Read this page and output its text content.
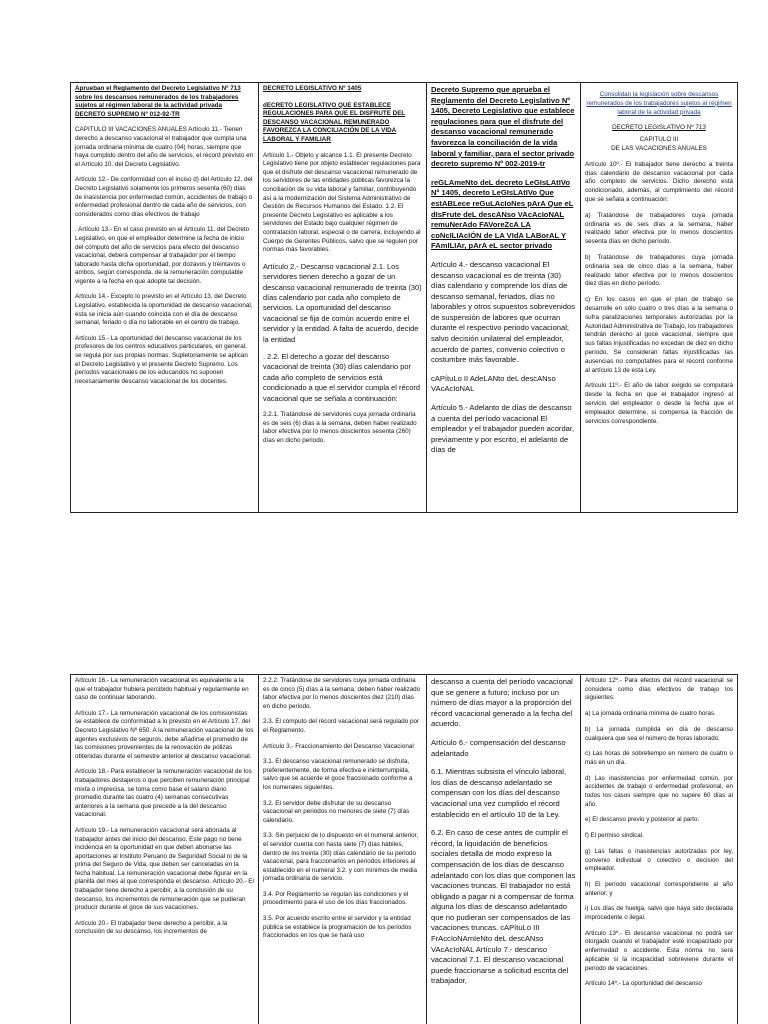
Aprueban el Reglamento del Decreto Legislativo Nº 713 sobre los descansos remunerados de los trabajadores sujetos al régimen laboral de la actividad privada DECRETO SUPREMO Nº 012-92-TR

CAPITULO III VACACIONES ANUALES Artículo 11.- Tienen derecho a descanso vacacional el trabajador que cumpla una jornada ordinaria mínima de cuatro (04) horas, siempre que haya cumplido dentro del año de servicios, el récord previsto en el Artículo 10. del Decreto Legislativo.

Artículo 12.- De conformidad con el inciso d) del Artículo 12. del Decreto Legislativo solamente los primeros sesenta (60) días de inasistencia por enfermedad común, accidentes de trabajo o enfermedad profesional dentro de cada año de servicios, con considerados como días efectivos de trabajo

. Artículo 13.- En el caso previsto en el Artículo 11. del Decreto Legislativo, en que el empleador determine la fecha de inicio del cómputo del año de servicios para efecto del descanso vacacional, deberá compensar al trabajador por el tiempo laborado hasta dicha oportunidad, por dozavos y treintavos o ambos, según corresponda, de la remuneración computable vigente a la fecha en que adopte tal decisión.

Artículo 14.- Excepto lo previsto en el Artículo 13. del Decreto Legislativo, establecida la oportunidad de descanso vacacional, ésta se inicia aún cuando coincida con el día de descanso semanal, feriado o día no laborable en el centro de trabajo.

Artículo 15.- La oportunidad del descanso vacacional de los profesores de los centros educativos particulares, en general, se regula por sus propias normas. Supletoriamente se aplican el Decreto Legislativo y el presente Decreto Supremo. Los períodos vacacionales de los educandos no suponen necesariamente descanso vacacional de los docentes.

DECRETO LEGISLATIVO Nº 1405

dECRETO LEGISLATIVO QUE ESTABLECE REGULACIONES PARA QUE EL DISFRUTE DEL DESCANSO VACACIONAL REMUNERADO FAVOREZCA LA CONCILIACIÓN DE LA VIDA LABORAL Y FAMILIAR

Artículo 1.- Objeto y alcance 1.1. El presente Decreto Legislativo tiene por objeto establecer regulaciones para que el disfrute del descanso vacacional remunerado de los servidores de las entidades públicas favorezca la conciliación de su vida laboral y familiar, contribuyendo así a la modernización del Sistema Administrativo de Gestión de Recursos Humanos del Estado. 1.2. El presente Decreto Legislativo es aplicable a los servidores del Estado bajo cualquier régimen de contratación laboral, especial o de carrera, incluyendo al Cuerpo de Gerentes Públicos, salvo que se regulen por normas más favorables.

Artículo 2.- Descanso vacacional 2.1. Los servidores tienen derecho a gozar de un descanso vacacional remunerado de treinta (30) días calendario por cada año completo de servicios. La oportunidad del descanso vacacional se fija de común acuerdo entre el servidor y la entidad. A falta de acuerdo, decide la entidad

. 2.2. El derecho a gozar del descanso vacacional de treinta (30) días calendario por cada año completo de servicios está condicionado a que el servidor cumpla el récord vacacional que se señala a continuación:

2.2.1. Tratándose de servidores cuya jornada ordinaria es de seis (6) días a la semana, deben haber realizado labor efectiva por lo menos doscientos sesenta (260) días en dicho periodo.

Decreto Supremo que aprueba el Reglamento del Decreto Legislativo Nº 1405, Decreto Legislativo que establece regulaciones para que el disfrute del descanso vacacional remunerado favorezca la conciliación de la vida laboral y familiar, para el sector privado decreto supremo Nº 002-2019-tr

reGLAmeNto deL decreto LeGIsLAtIVo Nº 1405, decreto LeGIsLAtIVo Que estABLece reGuLAcIoNes pArA Que eL dIsFrute deL descANso VAcAcIoNAL remuNerAdo FAVoreZcA LA coNcILIAcIÓN de LA VIdA LABorAL Y FAmILIAr, pArA eL sector privado

Artículo 4.- descanso vacacional El descanso vacacional es de treinta (30) días calendario y comprende los días de descanso semanal, feriados, días no laborables y otros supuestos sobrevenidos de suspensión de labores que ocurran durante el respectivo periodo vacacional; salvo decisión unilateral del empleador, acuerdo de partes, convenio colectivo o costumbre más favorable.

cAPítuLo II AdeLANto deL descANso VAcAcIoNAL

Artículo 5.- Adelanto de días de descanso a cuenta del período vacacional El empleador y el trabajador pueden acordar, previamente y por escrito, el adelanto de días de

Consolidan la legislación sobre descansos remunerados de los trabajadores sujetos al régimen laboral de la actividad privada

DECRETO LEGISLATIVO Nº 713

CAPITULO III

DE LAS VACACIONES ANUALES

Artículo 10º.- El trabajador tiene derecho a treinta días calendario de descanso vacacional por cada año completo de servicios. Dicho derecho está condicionado, además, al cumplimiento del récord que se señala a continuación:

a) Tratándose de trabajadores cuya jornada ordinaria es de seis días a la semana, haber realizado labor efectiva por lo menos doscientos sesenta días en dicho período.

b) Tratándose de trabajadores cuya jornada ordinaria sea de cinco días a la semana, haber realizado labor efectiva por lo menos doscientos diez días en dicho período.

c) En los casos en que el plan de trabajo se desarrolle en sólo cuatro o tres días a la semana o sufra paralizaciones temporales autorizadas por la Autoridad Administrativa de Trabajo, los trabajadores tendrán derecho al goce vacacional, siempre que sus faltas injustificadas no excedan de diez en dicho período. Se consideran faltas injustificadas las ausencias no computables para el récord conforme al artículo 13 de esta Ley.

Artículo 11º.- El año de labor exigido se computará desde la fecha en que el trabajador ingresó al servicio del empleador o desde la fecha que el empleador determine, si compensa la fracción de servicios correspondiente.

Artículo 16.- La remuneración vacacional es equivalente a la que el trabajador hubiera percibido habitual y regularmente en caso de continuar laborando.

Artículo 17.- La remuneración vacacional de los comisionistas se establece de conformidad a lo previsto en el Artículo 17. del Decreto Legislativo Nº 650. A la remuneración vacacional de los agentes exclusivos de seguros, debe añadirse el promedio de las comisiones provenientes de la renovación de pólizas obtenidas durante el semestre anterior al descanso vacacional.

Artículo 18.- Para establecer la remuneración vacacional de los trabajadores destajeros o que perciben remuneración principal mixta o imprecisa, se toma como base el salario diario promedio durante las cuatro (4) semanas consecutivas anteriores a la semana que precede a la del descanso vacacional.

Artículo 19.- La remuneración vacacional será abonada al trabajador antes del inicio del descanso. Este pago no tiene incidencia en la oportunidad en que deben abonarse las aportaciones al Instituto Peruano de Seguridad Social ni de la prima del Seguro de Vida, que deben ser canceladas en la fecha habitual. La remuneración vacacional debe figurar en la planilla del mes al que corresponda el descanso. Artículo 20.- El trabajador tiene derecho a percibir, a la conclusión de su descanso, los incrementos de remuneración que se pudieran producir durante el goce de sus vacaciones.

Artículo 20.- El trabajador tiene derecho a percibir, a la conclusión de su descanso, los incrementos de

2.2.2. Tratándose de servidores cuya jornada ordinaria es de cinco (5) días a la semana, deben haber realizado labor efectiva por lo menos doscientos diez (210) días en dicho periodo.

2.3. El cómputo del récord vacacional será regulado por el Reglamento.

Artículo 3.- Fraccionamiento del Descanso Vacacional

3.1. El descanso vacacional remunerado se disfruta, preferentemente, de forma efectiva e ininterrumpida, salvo que se acuerde el goce fraccionado conforme a los numerales siguientes.

3.2. El servidor debe disfrutar de su descanso vacacional en periodos no menores de siete (7) días calendario.

3.3. Sin perjuicio de lo dispuesto en el numeral anterior, el servidor cuenta con hasta siete (7) días hábiles, dentro de los treinta (30) días calendario de su periodo vacacional, para fraccionarlos en periodos inferiores al establecido en el numeral 3.2. y con mínimos de media jornada ordinaria de servicio.

3.4. Por Reglamento se regulan las condiciones y el procedimiento para el uso de los días fraccionados.

3.5. Por acuerdo escrito entre el servidor y la entidad pública se establece la programación de los periodos fraccionados en los que se hará uso

descanso a cuenta del período vacacional que se genere a futuro; incluso por un número de días mayor a la proporción del récord vacacional generado a la fecha del acuerdo.

Artículo 6.- compensación del descanso adelantado

6.1. Mientras subsista el vínculo laboral, los días de descanso adelantado se compensan con los días del descanso vacacional una vez cumplido el récord establecido en el artículo 10 de la Ley.

6.2. En caso de cese antes de cumplir el récord, la liquidación de beneficios sociales detalla de modo expreso la compensación de los días de descanso adelantado con los días que componen las vacaciones truncas. El trabajador no está obligado a pagar ni a compensar de forma alguna los días de descanso adelantado que no pudieran ser compensados de las vacaciones truncas. cAPítuLo III FrAccIoNAmIeNto deL descANso VAcAcIoNAL Artículo 7.- descanso vacacional 7.1. El descanso vacacional puede fraccionarse a solicitud escrita del trabajador,

Artículo 12º.- Para efectos del récord vacacional se considera como días efectivos de trabajo los siguientes:

a) La jornada ordinaria mínima de cuatro horas.

b) La jornada cumplida en día de descanso cualquiera que sea el número de horas laborado.

c) Las horas de sobretiempo en número de cuatro o más en un día.

d) Las inasistencias por enfermedad común, por accidentes de trabajo o enfermedad profesional, en todos los casos siempre que no supere 60 días al año.

e) El descanso previo y posterior al parto.

f) El permiso sindical.

g) Las faltas o inasistencias autorizadas por ley, convenio individual o colectivo o decisión del empleador.

h) El período vacacional correspondiente al año anterior; y

i) Los días de huelga, salvo que haya sido declarada improcedente o ilegal.

Artículo 13º.- El descanso vacacional no podrá ser otorgado cuando el trabajador esté incapacitado por enfermedad o accidente. Esta norma no será aplicable si la incapacidad sobreviene durante el período de vacaciones.

Artículo 14º.- La oportunidad del descanso
